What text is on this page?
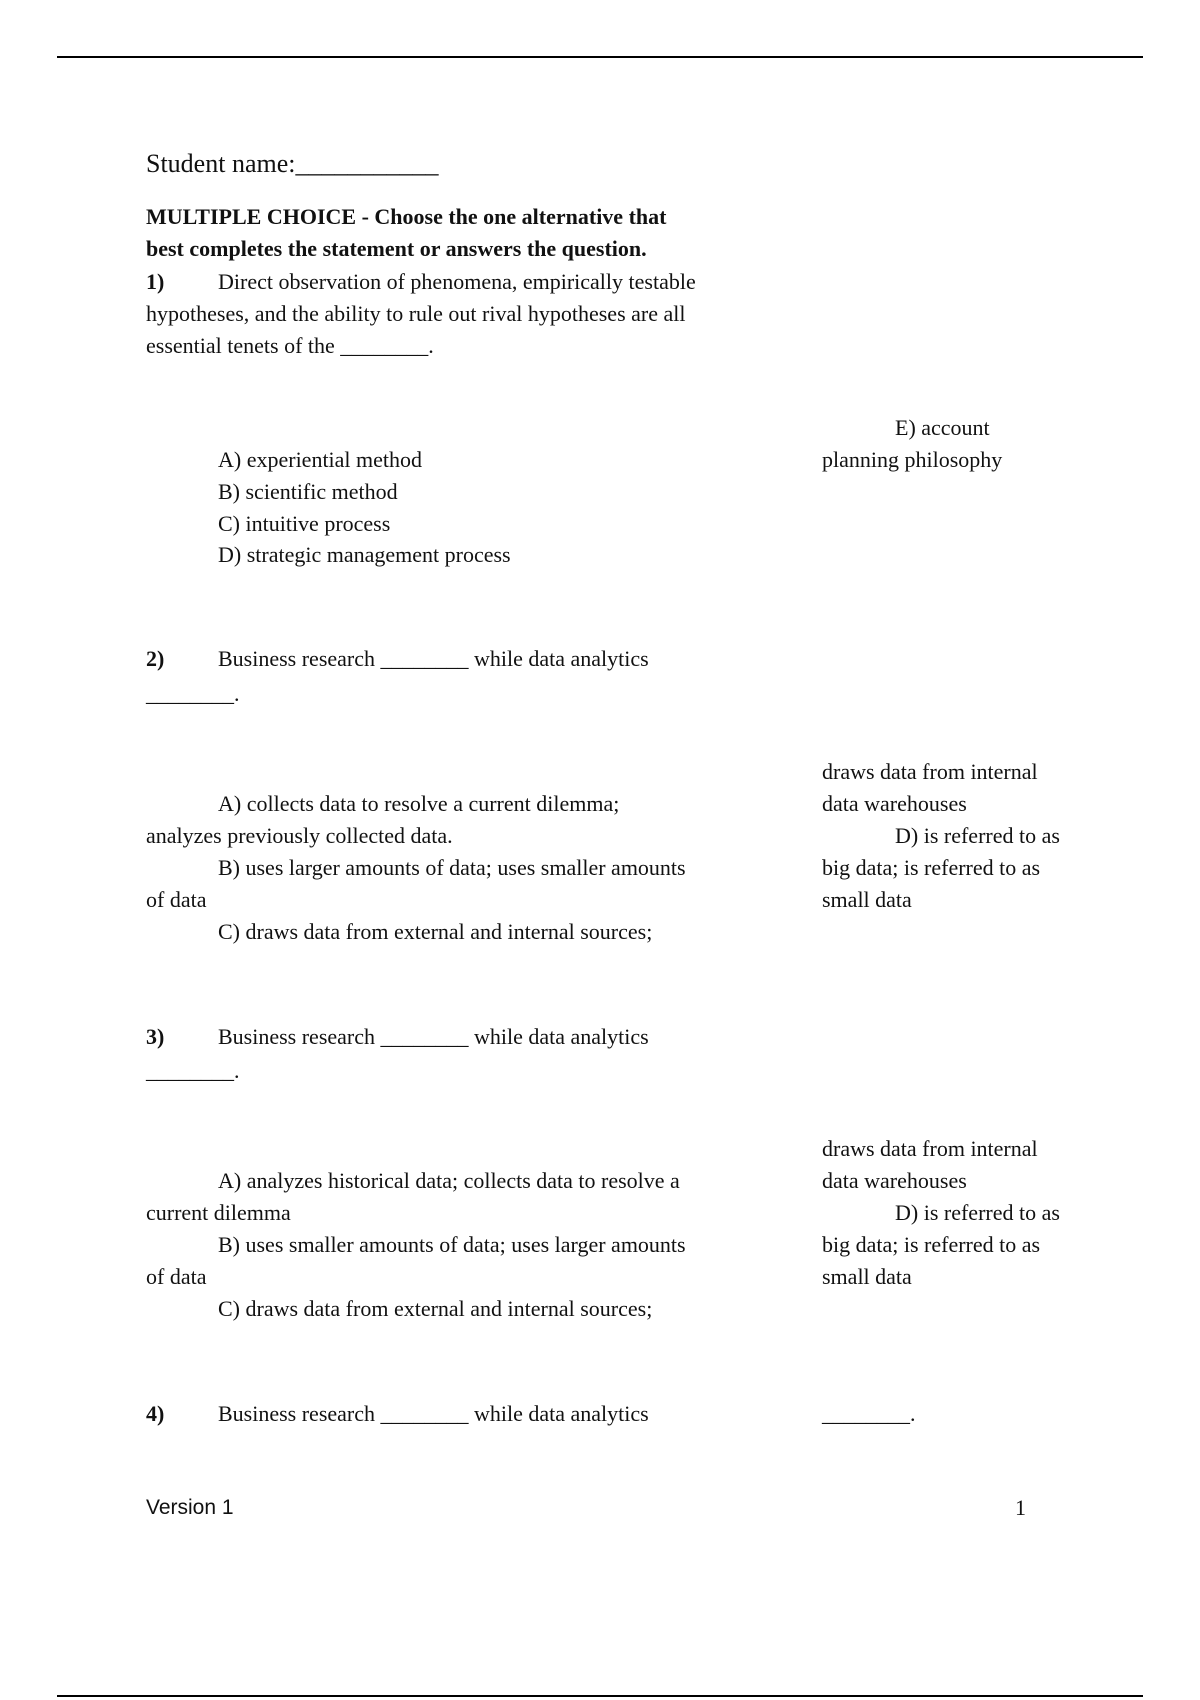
Student name:___________
MULTIPLE CHOICE - Choose the one alternative that
best completes the statement or answers the question.
1) Direct observation of phenomena, empirically testable
hypotheses, and the ability to rule out rival hypotheses are all
essential tenets of the ________.
E) account
planning philosophy
A) experiential method
B) scientific method
C) intuitive process
D) strategic management process
2) Business research ________ while data analytics
________.
draws data from internal
data warehouses
D) is referred to as
big data; is referred to as
small data
A) collects data to resolve a current dilemma;
analyzes previously collected data.
B) uses larger amounts of data; uses smaller amounts
of data
C) draws data from external and internal sources;
3) Business research ________ while data analytics
________.
draws data from internal
data warehouses
D) is referred to as
big data; is referred to as
small data
A) analyzes historical data; collects data to resolve a
current dilemma
B) uses smaller amounts of data; uses larger amounts
of data
C) draws data from external and internal sources;
4) Business research ________ while data analytics	________.
Version 1	1
